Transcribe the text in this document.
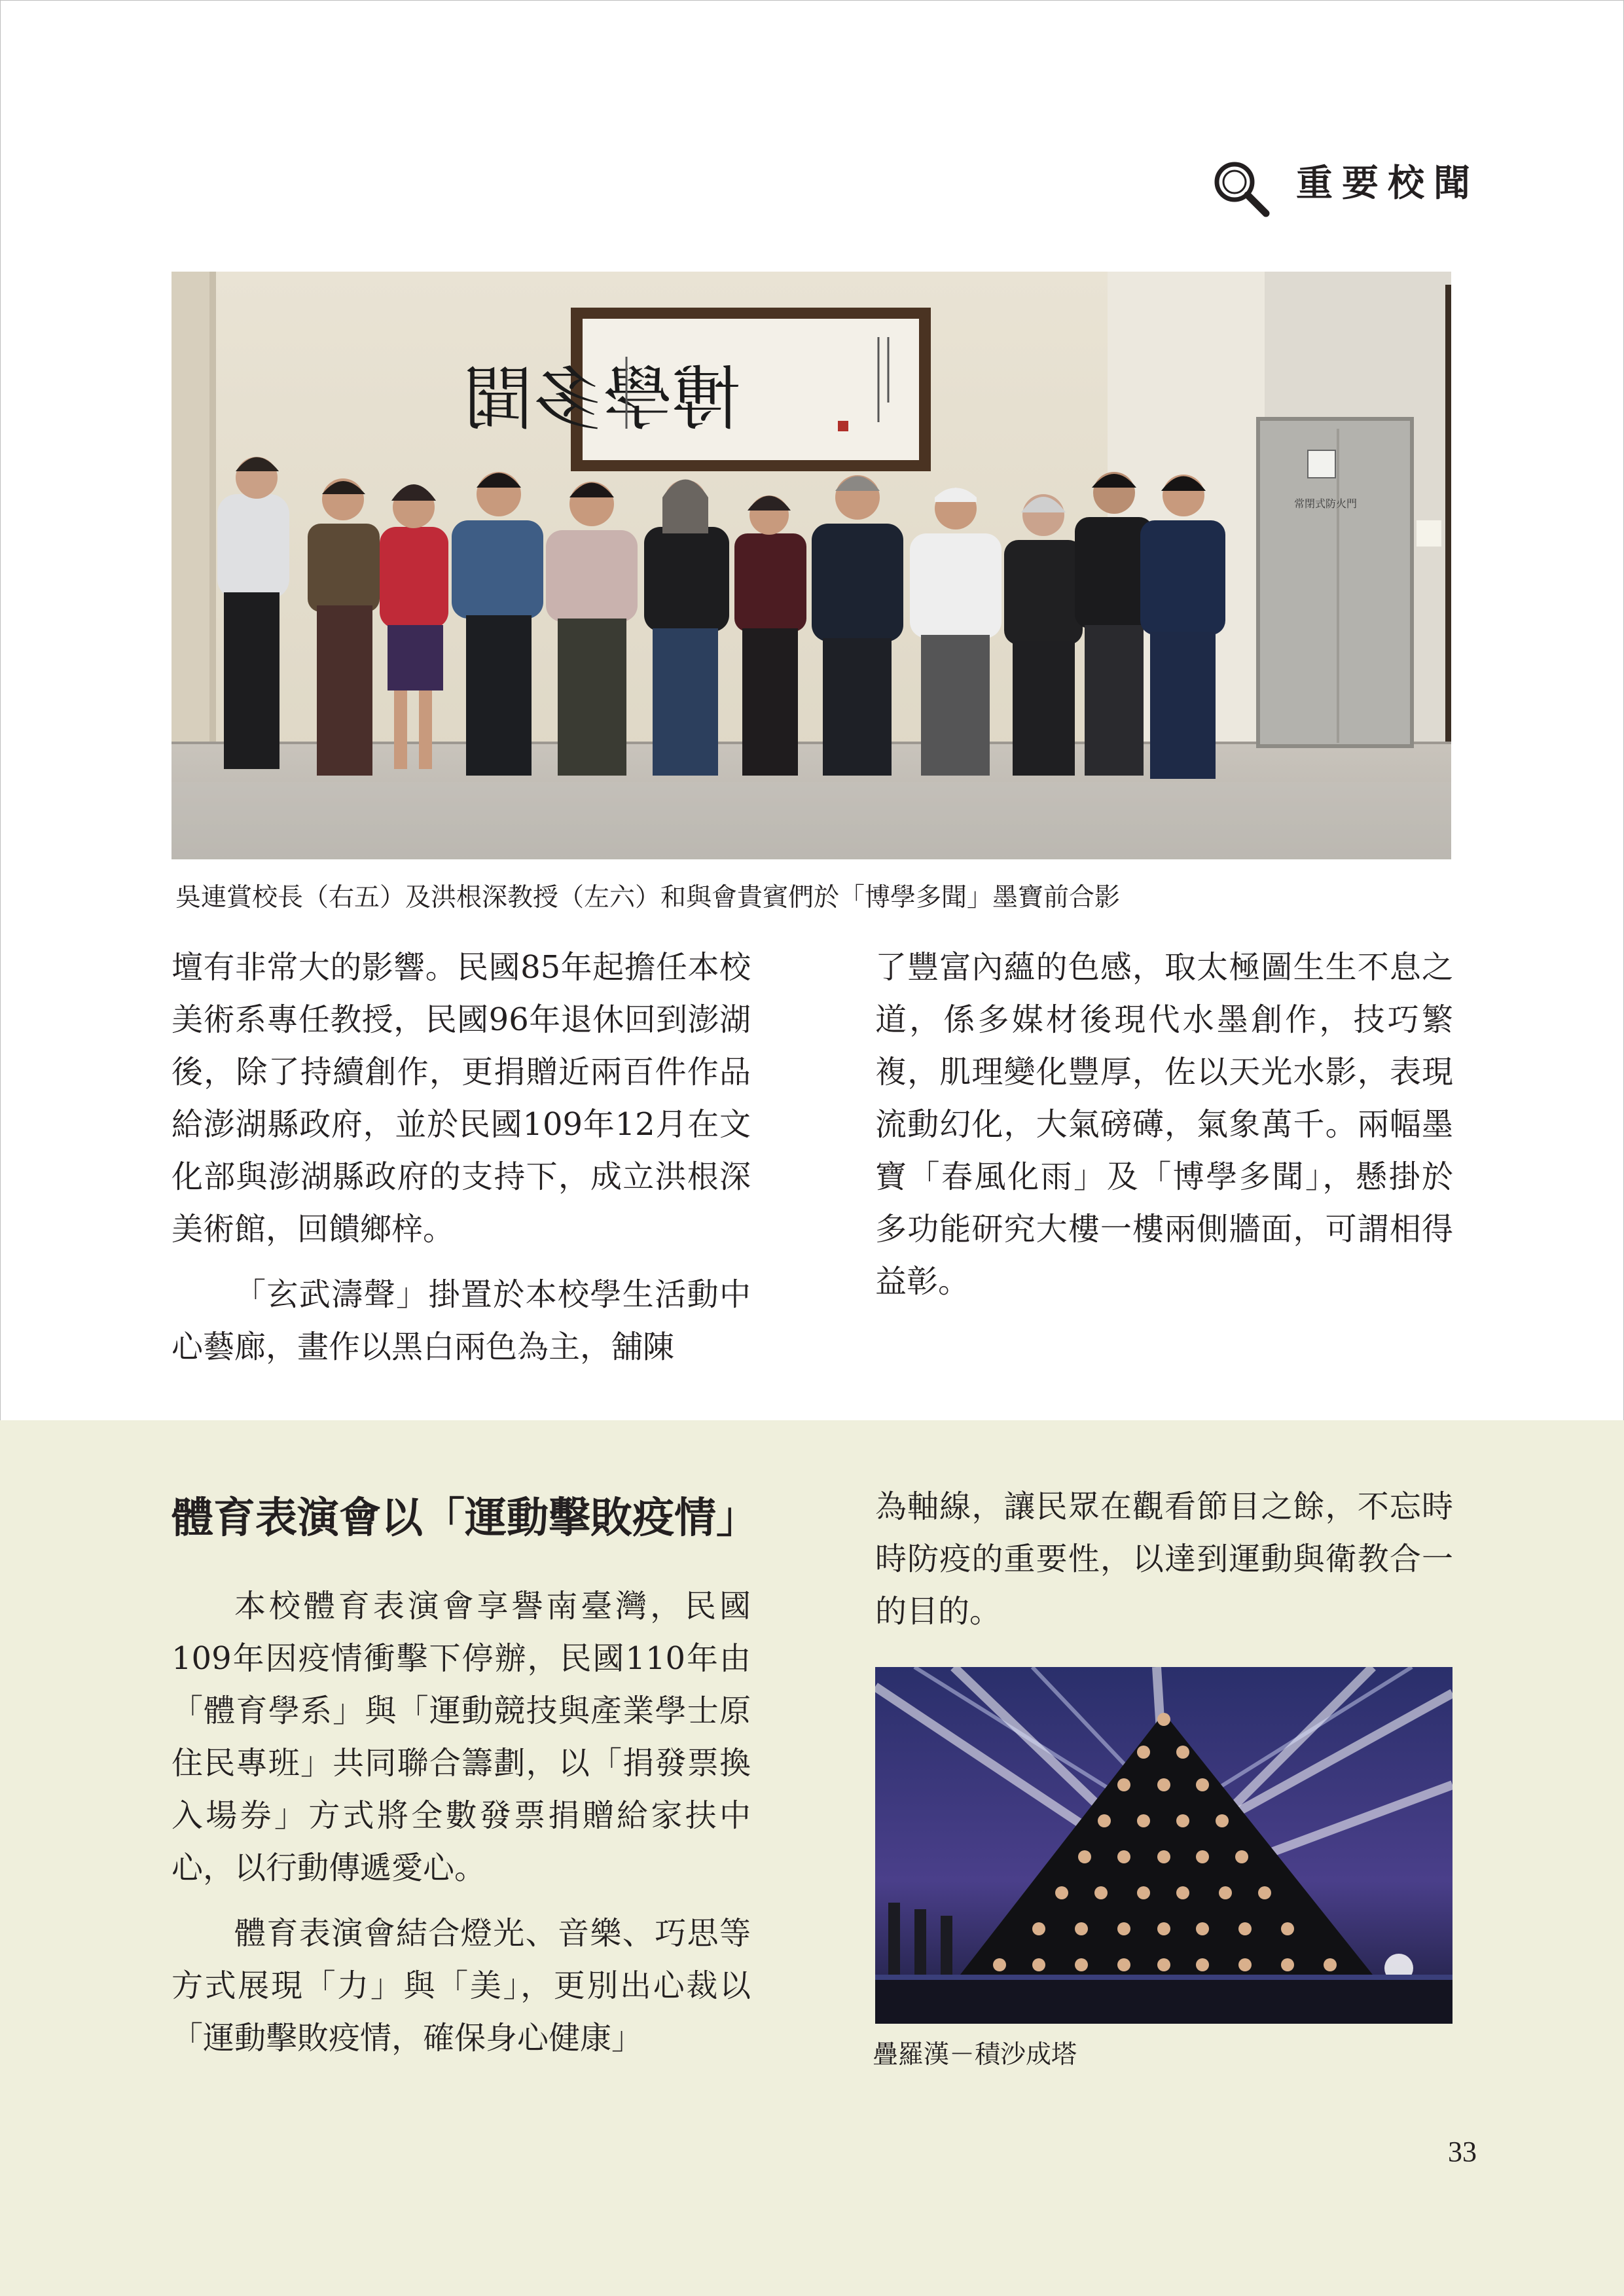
重要校聞
常閉式防火門
博學多聞
吳連賞校長（右五）及洪根深教授（左六）和與會貴賓們於「博學多聞」墨寶前合影

壇有非常大的影響。民國85年起擔任本校美術系專任教授，民國96年退休回到澎湖後，除了持續創作，更捐贈近兩百件作品給澎湖縣政府，並於民國109年12月在文化部與澎湖縣政府的支持下，成立洪根深美術館，回饋鄉梓。

「玄武濤聲」掛置於本校學生活動中心藝廊，畫作以黑白兩色為主，舖陳

了豐富內蘊的色感，取太極圖生生不息之道，係多媒材後現代水墨創作，技巧繁複，肌理變化豐厚，佐以天光水影，表現流動幻化，大氣磅礡，氣象萬千。兩幅墨寶「春風化雨」及「博學多聞」，懸掛於多功能研究大樓一樓兩側牆面，可謂相得益彰。

體育表演會以「運動擊敗疫情」

本校體育表演會享譽南臺灣，民國109年因疫情衝擊下停辦，民國110年由「體育學系」與「運動競技與產業學士原住民專班」共同聯合籌劃，以「捐發票換入場券」方式將全數發票捐贈給家扶中心，以行動傳遞愛心。

體育表演會結合燈光、音樂、巧思等方式展現「力」與「美」，更別出心裁以「運動擊敗疫情，確保身心健康」

為軸線，讓民眾在觀看節目之餘，不忘時時防疫的重要性，以達到運動與衛教合一的目的。

疊羅漢－積沙成塔
33
